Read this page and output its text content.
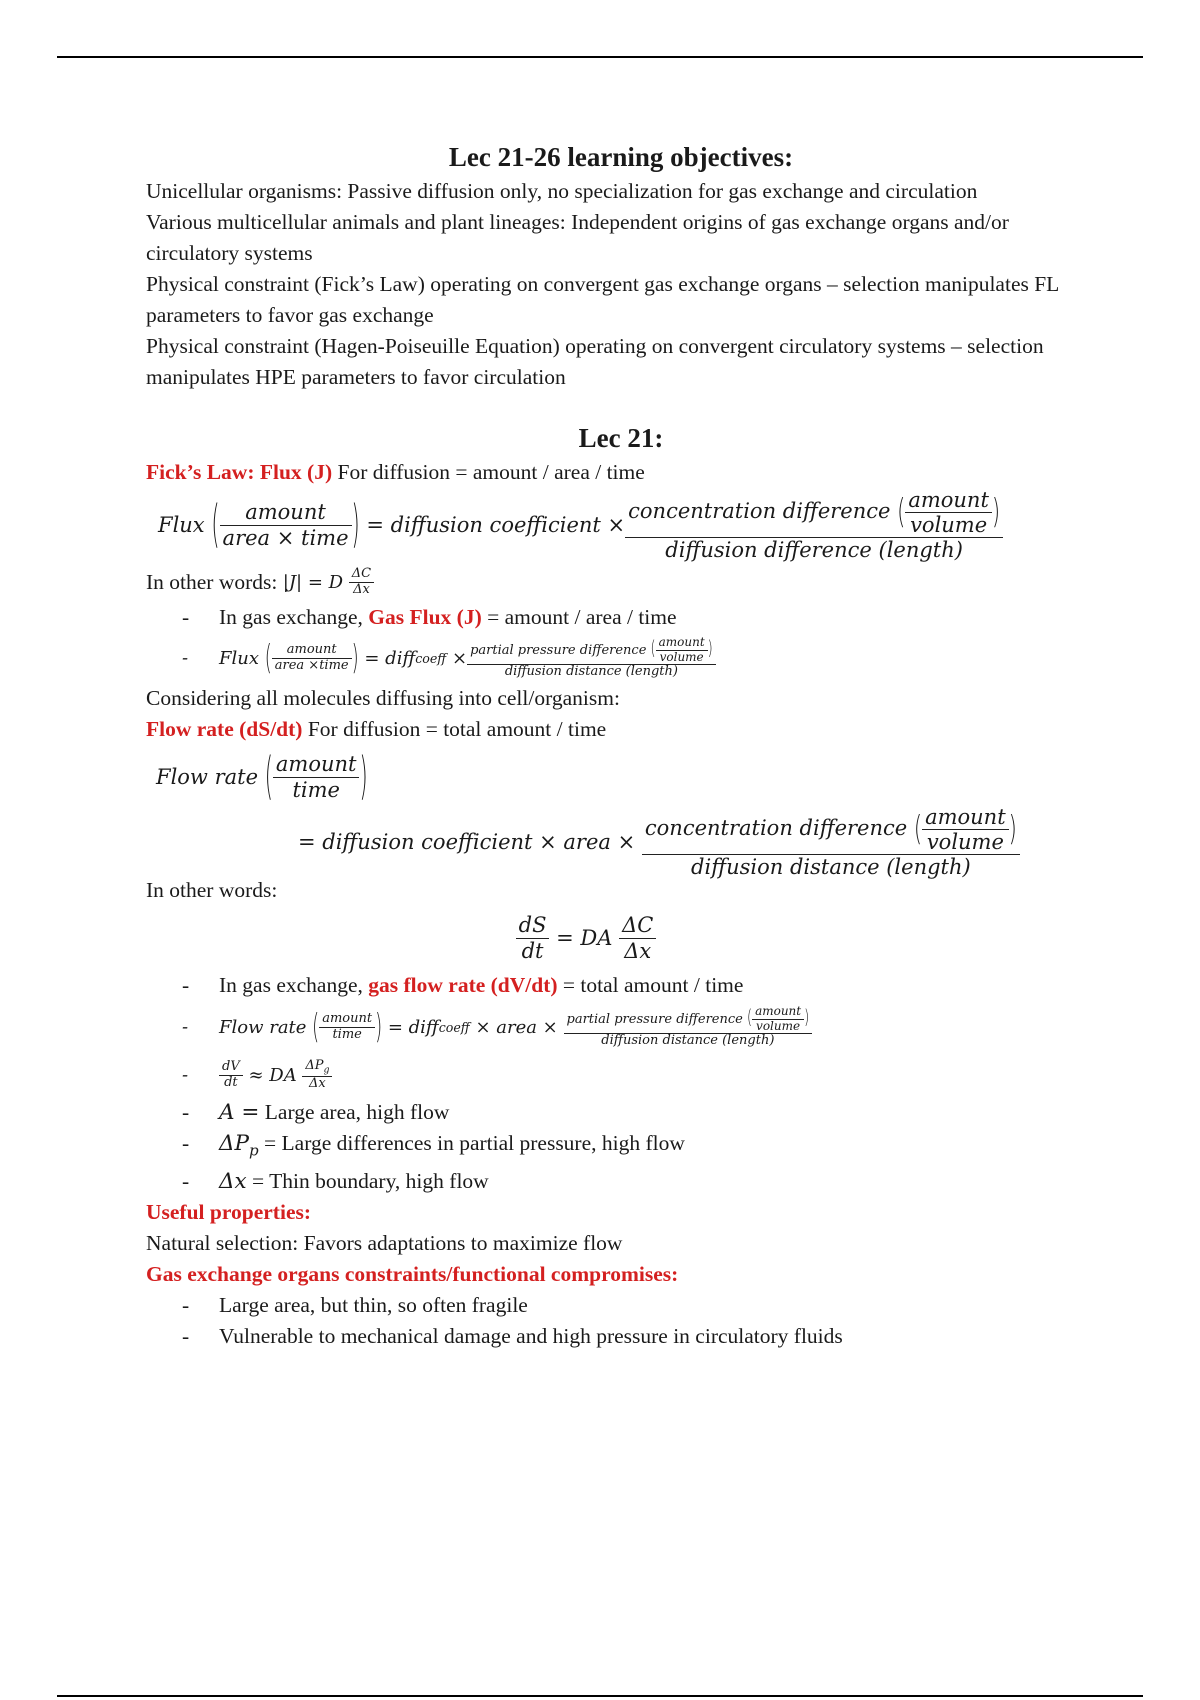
Lec 21-26 learning objectives:

Unicellular organisms: Passive diffusion only, no specialization for gas exchange and circulation

Various multicellular animals and plant lineages: Independent origins of gas exchange organs and/or circulatory systems

Physical constraint (Fick’s Law) operating on convergent gas exchange organs – selection manipulates FL parameters to favor gas exchange

Physical constraint (Hagen-Poiseuille Equation) operating on convergent circulatory systems – selection manipulates HPE parameters to favor circulation

Lec 21:

Fick’s Law: Flux (J) For diffusion = amount / area / time

Flux
( $\frac{\text{amount}}{\text{area × time}}$ )
= diffusion coefficient ×
concentration difference ( $\frac{\text{amount}}{\text{volume}}$ )
diffusion difference (length)

In other words: |J| = D
$\frac{\Delta C}{\Delta x}$

- In gas exchange, Gas Flux (J) = amount / area / time
- Flux
( $\frac{\text{amount}}{\text{area ×time}}$ )
= diff coeff
× partial pressure difference ( $\frac{\text{amount}}{\text{volume}}$ )
diffusion distance (length)

Considering all molecules diffusing into cell/organism:

Flow rate (dS/dt) For diffusion = total amount / time

Flow rate
( $\frac{\text{amount}}{\text{time}}$ )
= diffusion coefficient × area ×

concentration difference ( $\frac{\text{amount}}{\text{volume}}$ )
diffusion distance (length)

In other words:

$\frac{dS}{dt}$
= DA
$\frac{\Delta C}{\Delta x}$
- In gas exchange, gas flow rate (dV/dt) = total amount / time
- Flow rate
( $\frac{\text{amount}}{\text{time}}$ )
= diff coeff
× area ×
partial pressure difference ( $\frac{\text{amount}}{\text{volume}}$ )
diffusion distance (length)
- $\frac{dV}{dt}$
≈ DA
$\frac{\Delta P_g}{\Delta x}$
- A = Large area, high flow
- $\Delta P_p$ = Large differences in partial pressure, high flow
- Δx = Thin boundary, high flow

Useful properties:

Natural selection: Favors adaptations to maximize flow

Gas exchange organs constraints/functional compromises:

- Large area, but thin, so often fragile
- Vulnerable to mechanical damage and high pressure in circulatory fluids
